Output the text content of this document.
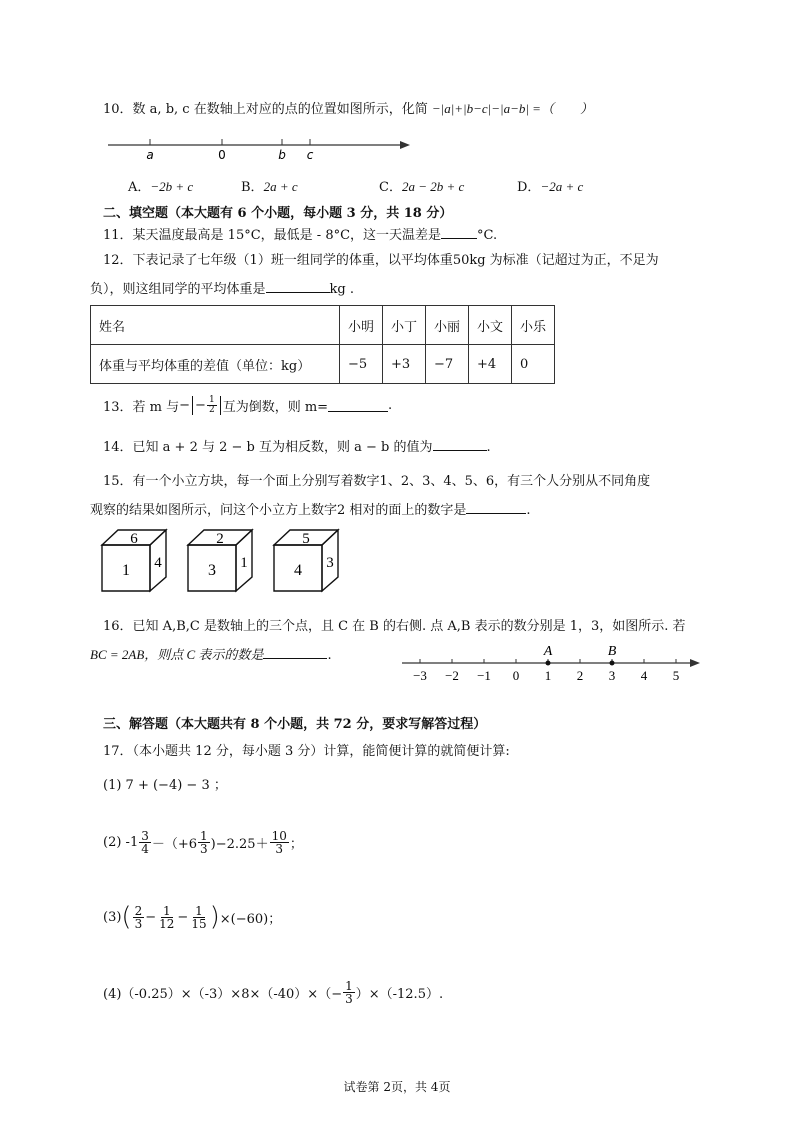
10．数 a, b, c 在数轴上对应的点的位置如图所示，化简 −|a|+|b−c|−|a−b| =（　　）
a	0	b c
A．−2b + c	B．2a + c	C．2a − 2b + c	D．−2a + c
二、填空题（本大题有 6 个小题，每小题 3 分，共 18 分）
11．某天温度最高是 15°C，最低是 - 8°C，这一天温差是	°C.
12．下表记录了七年级（1）班一组同学的体重，以平均体重50kg 为标准（记超过为正，不足为
负），则这组同学的平均体重是	kg .
姓名	小明	小丁	小丽	小文	小乐
体重与平均体重的差值（单位：kg）	−5	+3	−7	+4	0
13．若 m 与 − − $\frac{1}{2}$ 互为倒数，则 m=	.
14．已知 a + 2 与 2 − b 互为相反数，则 a − b 的值为	.
15．有一个小立方块，每一个面上分别写着数字1、2、3、4、5、6，有三个人分别从不同角度
观察的结果如图所示，问这个小立方上数字2 相对的面上的数字是	.
6
1 4
2
3 1
5
4 3
16．已知 A,B,C 是数轴上的三个点，且 C 在 B 的右侧. 点 A,B 表示的数分别是 1，3，如图所示. 若
BC = 2AB，则点 C 表示的数是	.
−3 −2 −1 0 1 2 3 4 5
A	B
三、解答题（本大题共有 8 个小题，共 72 分，要求写解答过程）
17．（本小题共 12 分，每小题 3 分）计算，能简便计算的就简便计算:
(1) 7 + (−4) − 3 ；
(2) $-1 \frac{3}{4} -(+6 \frac{1}{3} )-2.25+ \frac{10}{3}$ ；
(3) ( $\frac{2}{3} - \frac{1}{12} - \frac{1}{15}$ ) ×(−60)；
$(4)(-0.25)\times(-3)\times 8\times(-40)\times(- \frac{1}{3} )\times(-12.5)$.
试卷第 2页，共 4页
